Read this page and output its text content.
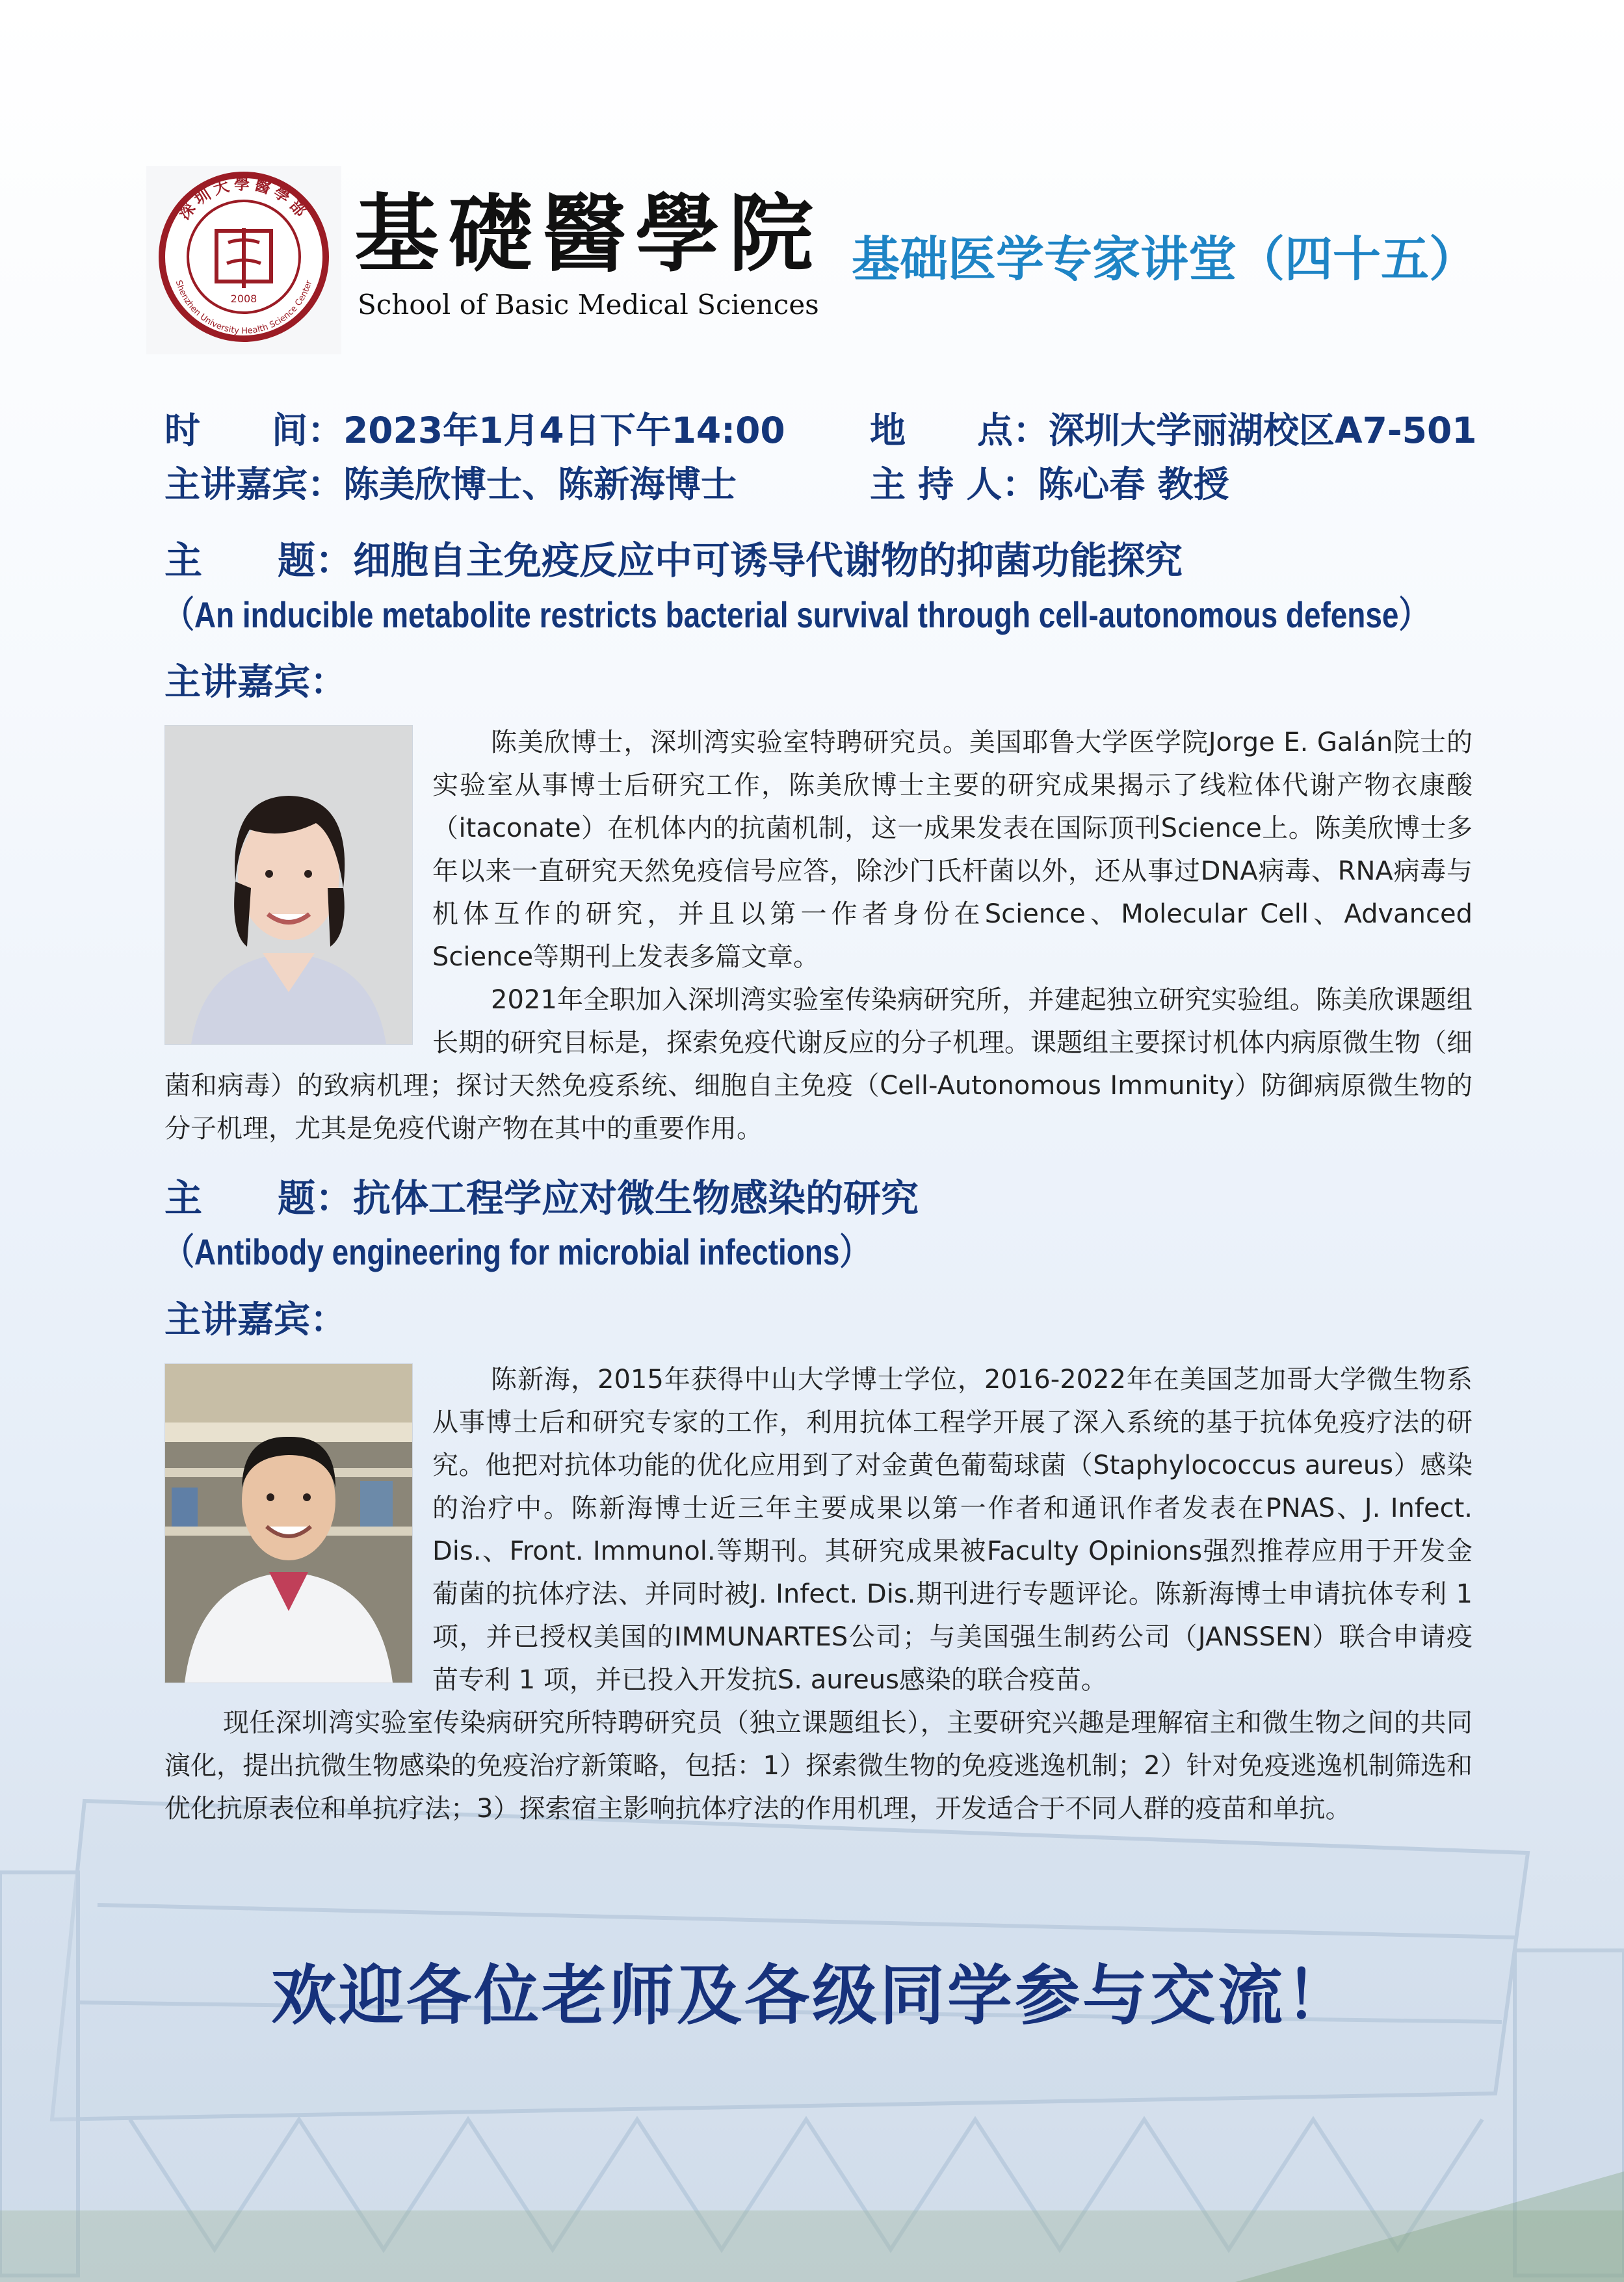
深圳大學醫學部
Shenzhen University Health Science Center
2008
基礎醫學院
School of Basic Medical Sciences
基础医学专家讲堂（四十五）
时　　间：2023年1月4日下午14:00 地　　点：深圳大学丽湖校区A7-501
主讲嘉宾：陈美欣博士、陈新海博士	主 持 人：陈心春 教授
主　　题：细胞自主免疫反应中可诱导代谢物的抑菌功能探究
（An inducible metabolite restricts bacterial survival through cell-autonomous defense）
主讲嘉宾：

陈美欣博士，深圳湾实验室特聘研究员。美国耶鲁大学医学院Jorge E. Galán院士的实验室从事博士后研究工作，陈美欣博士主要的研究成果揭示了线粒体代谢产物衣康酸（itaconate）在机体内的抗菌机制，这一成果发表在国际顶刊Science上。陈美欣博士多年以来一直研究天然免疫信号应答，除沙门氏杆菌以外，还从事过DNA病毒、RNA病毒与机体互作的研究，并且以第一作者身份在Science、Molecular Cell、Advanced Science等期刊上发表多篇文章。

2021年全职加入深圳湾实验室传染病研究所，并建起独立研究实验组。陈美欣课题组长期的研究目标是，探索免疫代谢反应的分子机理。课题组主要探讨机体内病原微生物（细菌和病毒）的致病机理；探讨天然免疫系统、细胞自主免疫（Cell-Autonomous Immunity）防御病原微生物的分子机理，尤其是免疫代谢产物在其中的重要作用。

主　　题：抗体工程学应对微生物感染的研究
（Antibody engineering for microbial infections）
主讲嘉宾：

陈新海，2015年获得中山大学博士学位，2016-2022年在美国芝加哥大学微生物系从事博士后和研究专家的工作，利用抗体工程学开展了深入系统的基于抗体免疫疗法的研究。他把对抗体功能的优化应用到了对金黄色葡萄球菌（Staphylococcus aureus）感染的治疗中。陈新海博士近三年主要成果以第一作者和通讯作者发表在PNAS、J. Infect. Dis.、Front. Immunol.等期刊。其研究成果被Faculty Opinions强烈推荐应用于开发金葡菌的抗体疗法、并同时被J. Infect. Dis.期刊进行专题评论。陈新海博士申请抗体专利 1 项，并已授权美国的IMMUNARTES公司；与美国强生制药公司（JANSSEN）联合申请疫苗专利 1 项，并已投入开发抗S. aureus感染的联合疫苗。

现任深圳湾实验室传染病研究所特聘研究员（独立课题组长），主要研究兴趣是理解宿主和微生物之间的共同演化，提出抗微生物感染的免疫治疗新策略，包括：1）探索微生物的免疫逃逸机制；2）针对免疫逃逸机制筛选和优化抗原表位和单抗疗法；3）探索宿主影响抗体疗法的作用机理，开发适合于不同人群的疫苗和单抗。

欢迎各位老师及各级同学参与交流！
